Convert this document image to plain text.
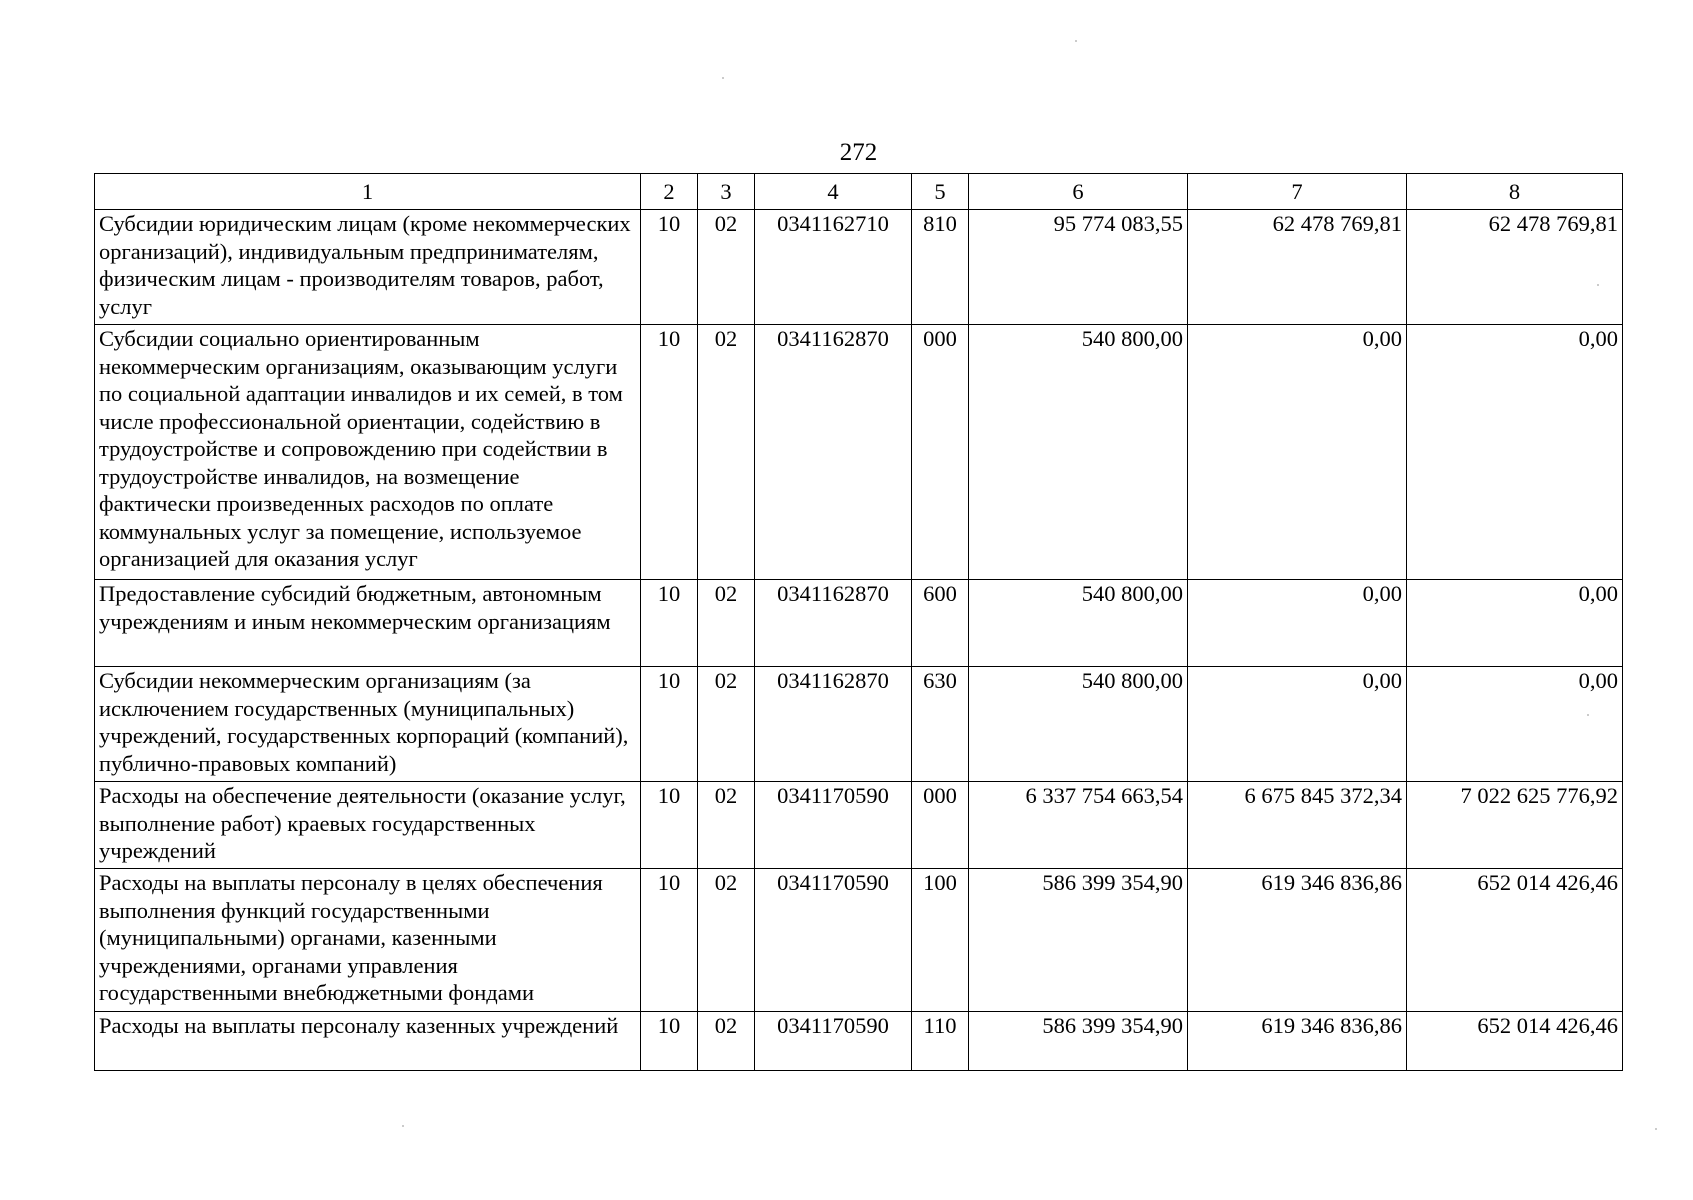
272
1	2	3	4	5	6	7	8
Субсидии юридическим лицам (кроме некоммерческих организаций), индивидуальным предпринимателям, физическим лицам - производителям товаров, работ, услуг	10	02	0341162710	810	95 774 083,55	62 478 769,81	62 478 769,81
Субсидии социально ориентированным некоммерческим организациям, оказывающим услуги по социальной адаптации инвалидов и их семей, в том числе профессиональной ориентации, содействию в трудоустройстве и сопровождению при содействии в трудоустройстве инвалидов, на возмещение фактически произведенных расходов по оплате коммунальных услуг за помещение, используемое организацией для оказания услуг	10	02	0341162870	000	540 800,00	0,00	0,00
Предоставление субсидий бюджетным, автономным учреждениям и иным некоммерческим организациям	10	02	0341162870	600	540 800,00	0,00	0,00
Субсидии некоммерческим организациям (за исключением государственных (муниципальных) учреждений, государственных корпораций (компаний), публично-правовых компаний)	10	02	0341162870	630	540 800,00	0,00	0,00
Расходы на обеспечение деятельности (оказание услуг, выполнение работ) краевых государственных учреждений	10	02	0341170590	000	6 337 754 663,54	6 675 845 372,34	7 022 625 776,92
Расходы на выплаты персоналу в целях обеспечения выполнения функций государственными (муниципальными) органами, казенными учреждениями, органами управления государственными внебюджетными фондами	10	02	0341170590	100	586 399 354,90	619 346 836,86	652 014 426,46
Расходы на выплаты персоналу казенных учреждений	10	02	0341170590	110	586 399 354,90	619 346 836,86	652 014 426,46
